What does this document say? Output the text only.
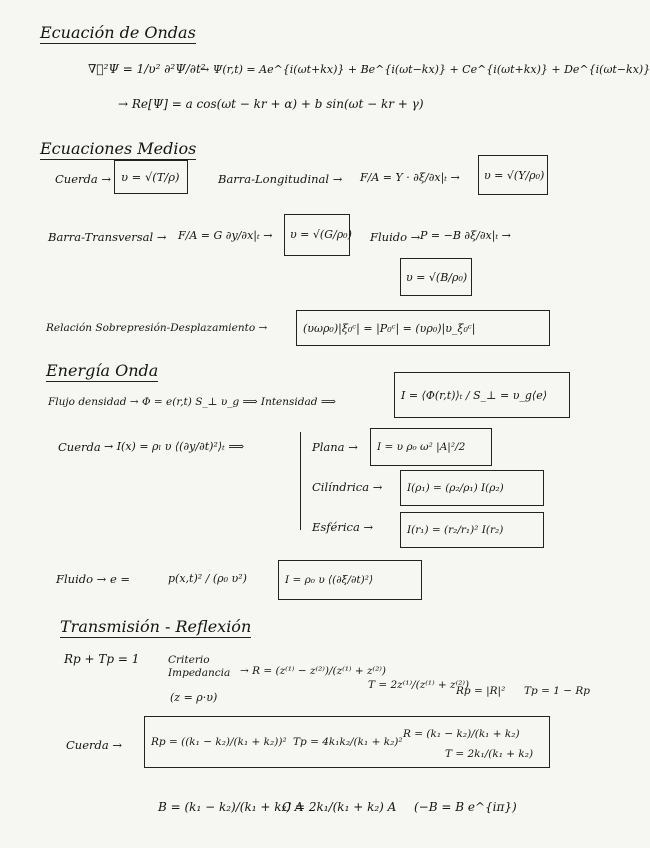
Ecuación de Ondas
∇⃗²Ψ = 1/υ² ∂²Ψ/∂t²
→ Ψ(r,t) = Ae^{i(ωt+kx)} + Be^{i(ωt−kx)} + Ce^{i(ωt+kx)} + De^{i(ωt−kx)}
→ Re[Ψ] = a cos(ωt − kr + α) + b sin(ωt − kr + γ)
Ecuaciones Medios
Cuerda → υ = √(T/ρ)	Barra-Longitudinal → F/A = Y · ∂ξ/∂x|ₜ → υ = √(Y/ρ₀)
Barra-Transversal → F/A = G ∂y/∂x|ₜ → υ = √(G/ρ₀) Fluido → P = −B ∂ξ/∂x|ₜ →
υ = √(B/ρ₀)
Relación Sobrepresión-Desplazamiento →	(υωρ₀)|ξ₀ᶜ| = |P₀ᶜ| = (υρ₀)|υ_ξ₀ᶜ|
Energía Onda
Flujo densidad → Φ = e(r,t) S_⊥ υ_g ⟹ Intensidad ⟹	I = ⟨Φ(r,t)⟩ₜ / S_⊥ = υ_g⟨e⟩
Cuerda → I(x) = ρₗ υ ⟨(∂y/∂t)²⟩ₜ ⟹	Plana → I = υ ρ₀ ω² |A|²/2
Cilíndrica → I(ρ₁) = (ρ₂/ρ₁) I(ρ₂)
Esférica →	I(r₁) = (r₂/r₁)² I(r₂)
Fluido → e =	p(x,t)² / (ρ₀ υ²)	I = ρ₀ υ ⟨(∂ξ/∂t)²⟩
Transmisión - Reflexión
Rp + Tp = 1	Criterio Impedancia
(z = ρ·υ)
→ R = (z⁽¹⁾ − z⁽²⁾)/(z⁽¹⁾ + z⁽²⁾)
T = 2z⁽¹⁾/(z⁽¹⁾ + z⁽²⁾)
Rp = |R|² Tp = 1 − Rp
Cuerda →	Rp = ((k₁ − k₂)/(k₁ + k₂))² Tp = 4k₁k₂/(k₁ + k₂)²
R = (k₁ − k₂)/(k₁ + k₂)
T = 2k₁/(k₁ + k₂)
B = (k₁ − k₂)/(k₁ + k₂) A
C = 2k₁/(k₁ + k₂) A (−B = B e^{iπ})
